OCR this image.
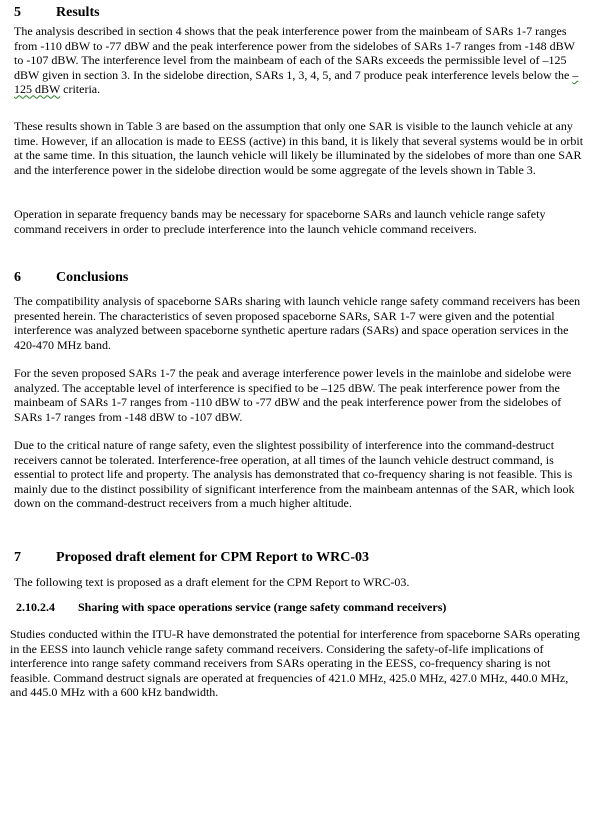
5	Results

The analysis described in section 4 shows that the peak interference power from the mainbeam of SARs 1-7 ranges from -110 dBW to -77 dBW and the peak interference power from the sidelobes of SARs 1-7 ranges from -148 dBW to -107 dBW. The interference level from the mainbeam of each of the SARs exceeds the permissible level of –125 dBW given in section 3. In the sidelobe direction, SARs 1, 3, 4, 5, and 7 produce peak interference levels below the –125 dBW criteria.

These results shown in Table 3 are based on the assumption that only one SAR is visible to the launch vehicle at any time. However, if an allocation is made to EESS (active) in this band, it is likely that several systems would be in orbit at the same time. In this situation, the launch vehicle will likely be illuminated by the sidelobes of more than one SAR and the interference power in the sidelobe direction would be some aggregate of the levels shown in Table 3.

Operation in separate frequency bands may be necessary for spaceborne SARs and launch vehicle range safety command receivers in order to preclude interference into the launch vehicle command receivers.

6	Conclusions

The compatibility analysis of spaceborne SARs sharing with launch vehicle range safety command receivers has been presented herein. The characteristics of seven proposed spaceborne SARs, SAR 1-7 were given and the potential interference was analyzed between spaceborne synthetic aperture radars (SARs) and space operation services in the 420-470 MHz band.

For the seven proposed SARs 1-7 the peak and average interference power levels in the mainlobe and sidelobe were analyzed. The acceptable level of interference is specified to be –125 dBW. The peak interference power from the mainbeam of SARs 1-7 ranges from -110 dBW to -77 dBW and the peak interference power from the sidelobes of SARs 1-7 ranges from -148 dBW to -107 dBW.

Due to the critical nature of range safety, even the slightest possibility of interference into the command-destruct receivers cannot be tolerated. Interference-free operation, at all times of the launch vehicle destruct command, is essential to protect life and property. The analysis has demonstrated that co-frequency sharing is not feasible. This is mainly due to the distinct possibility of significant interference from the mainbeam antennas of the SAR, which look down on the command-destruct receivers from a much higher altitude.

7	Proposed draft element for CPM Report to WRC-03

The following text is proposed as a draft element for the CPM Report to WRC-03.

2.10.2.4	Sharing with space operations service (range safety command receivers)

Studies conducted within the ITU-R have demonstrated the potential for interference from spaceborne SARs operating in the EESS into launch vehicle range safety command receivers. Considering the safety-of-life implications of interference into range safety command receivers from SARs operating in the EESS, co-frequency sharing is not feasible. Command destruct signals are operated at frequencies of 421.0 MHz, 425.0 MHz, 427.0 MHz, 440.0 MHz, and 445.0 MHz with a 600 kHz bandwidth.
